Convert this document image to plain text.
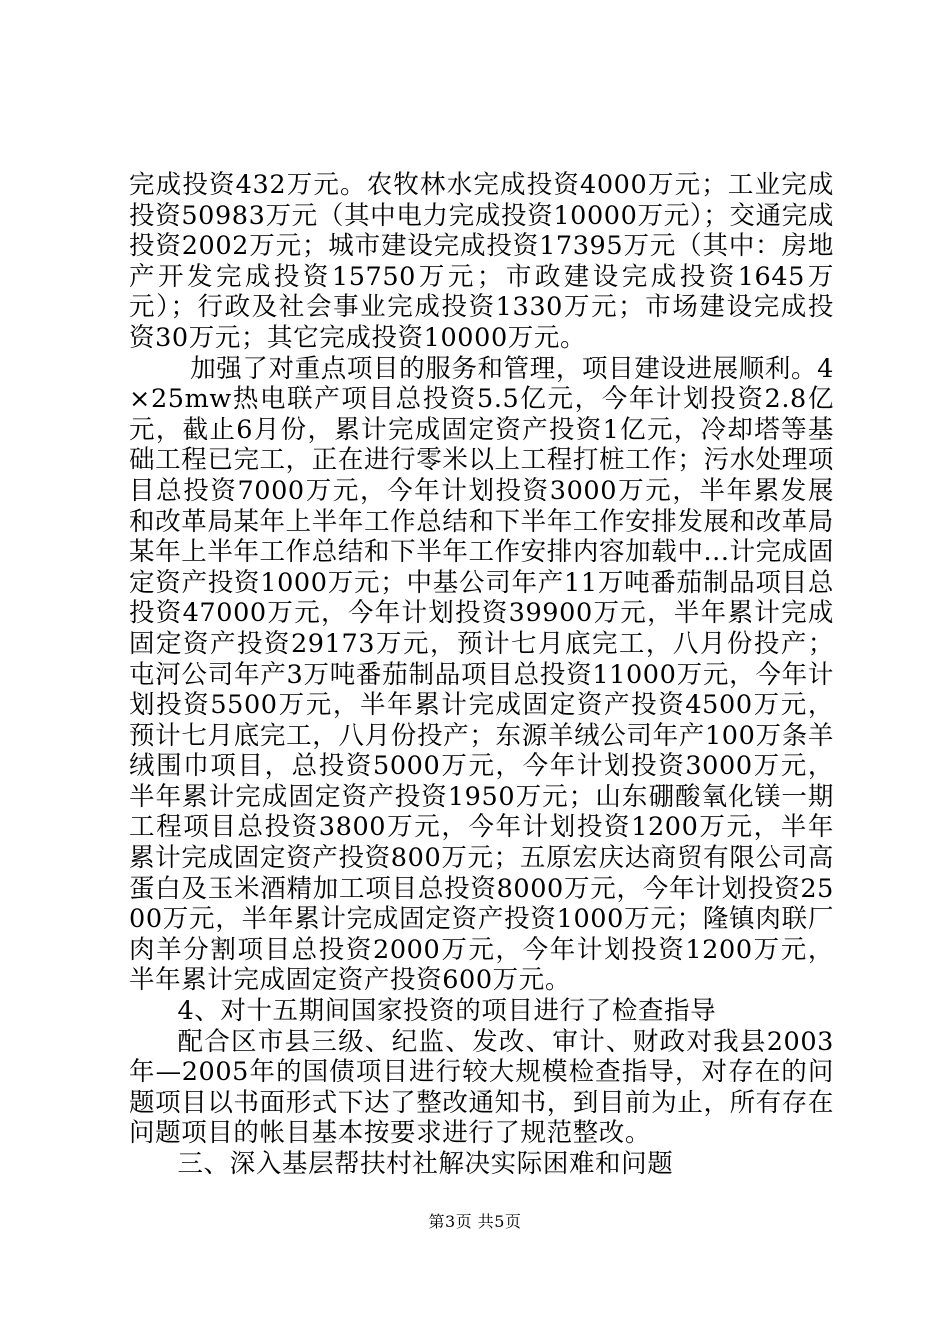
完成投资432万元。农牧林水完成投资4000万元；工业完成投资50983万元（其中电力完成投资10000万元）；交通完成投资2002万元；城市建设完成投资17395万元（其中：房地产开发完成投资15750万元；市政建设完成投资1645万元）；行政及社会事业完成投资1330万元；市场建设完成投资30万元；其它完成投资10000万元。

加强了对重点项目的服务和管理，项目建设进展顺利。4×25mw热电联产项目总投资5.5亿元，今年计划投资2.8亿元，截止6月份，累计完成固定资产投资1亿元，冷却塔等基础工程已完工，正在进行零米以上工程打桩工作；污水处理项目总投资7000万元，今年计划投资3000万元，半年累发展和改革局某年上半年工作总结和下半年工作安排发展和改革局某年上半年工作总结和下半年工作安排内容加载中...计完成固定资产投资1000万元；中基公司年产11万吨番茄制品项目总投资47000万元，今年计划投资39900万元，半年累计完成固定资产投资29173万元，预计七月底完工，八月份投产；屯河公司年产3万吨番茄制品项目总投资11000万元，今年计划投资5500万元，半年累计完成固定资产投资4500万元，预计七月底完工，八月份投产；东源羊绒公司年产100万条羊绒围巾项目，总投资5000万元，今年计划投资3000万元，半年累计完成固定资产投资1950万元；山东硼酸氧化镁一期工程项目总投资3800万元，今年计划投资1200万元，半年累计完成固定资产投资800万元；五原宏庆达商贸有限公司高蛋白及玉米酒精加工项目总投资8000万元，今年计划投资2500万元，半年累计完成固定资产投资1000万元；隆镇肉联厂肉羊分割项目总投资2000万元，今年计划投资1200万元，半年累计完成固定资产投资600万元。

4、对十五期间国家投资的项目进行了检查指导

配合区市县三级、纪监、发改、审计、财政对我县2003年—2005年的国债项目进行较大规模检查指导，对存在的问题项目以书面形式下达了整改通知书，到目前为止，所有存在问题项目的帐目基本按要求进行了规范整改。

三、深入基层帮扶村社解决实际困难和问题

第3页 共5页
